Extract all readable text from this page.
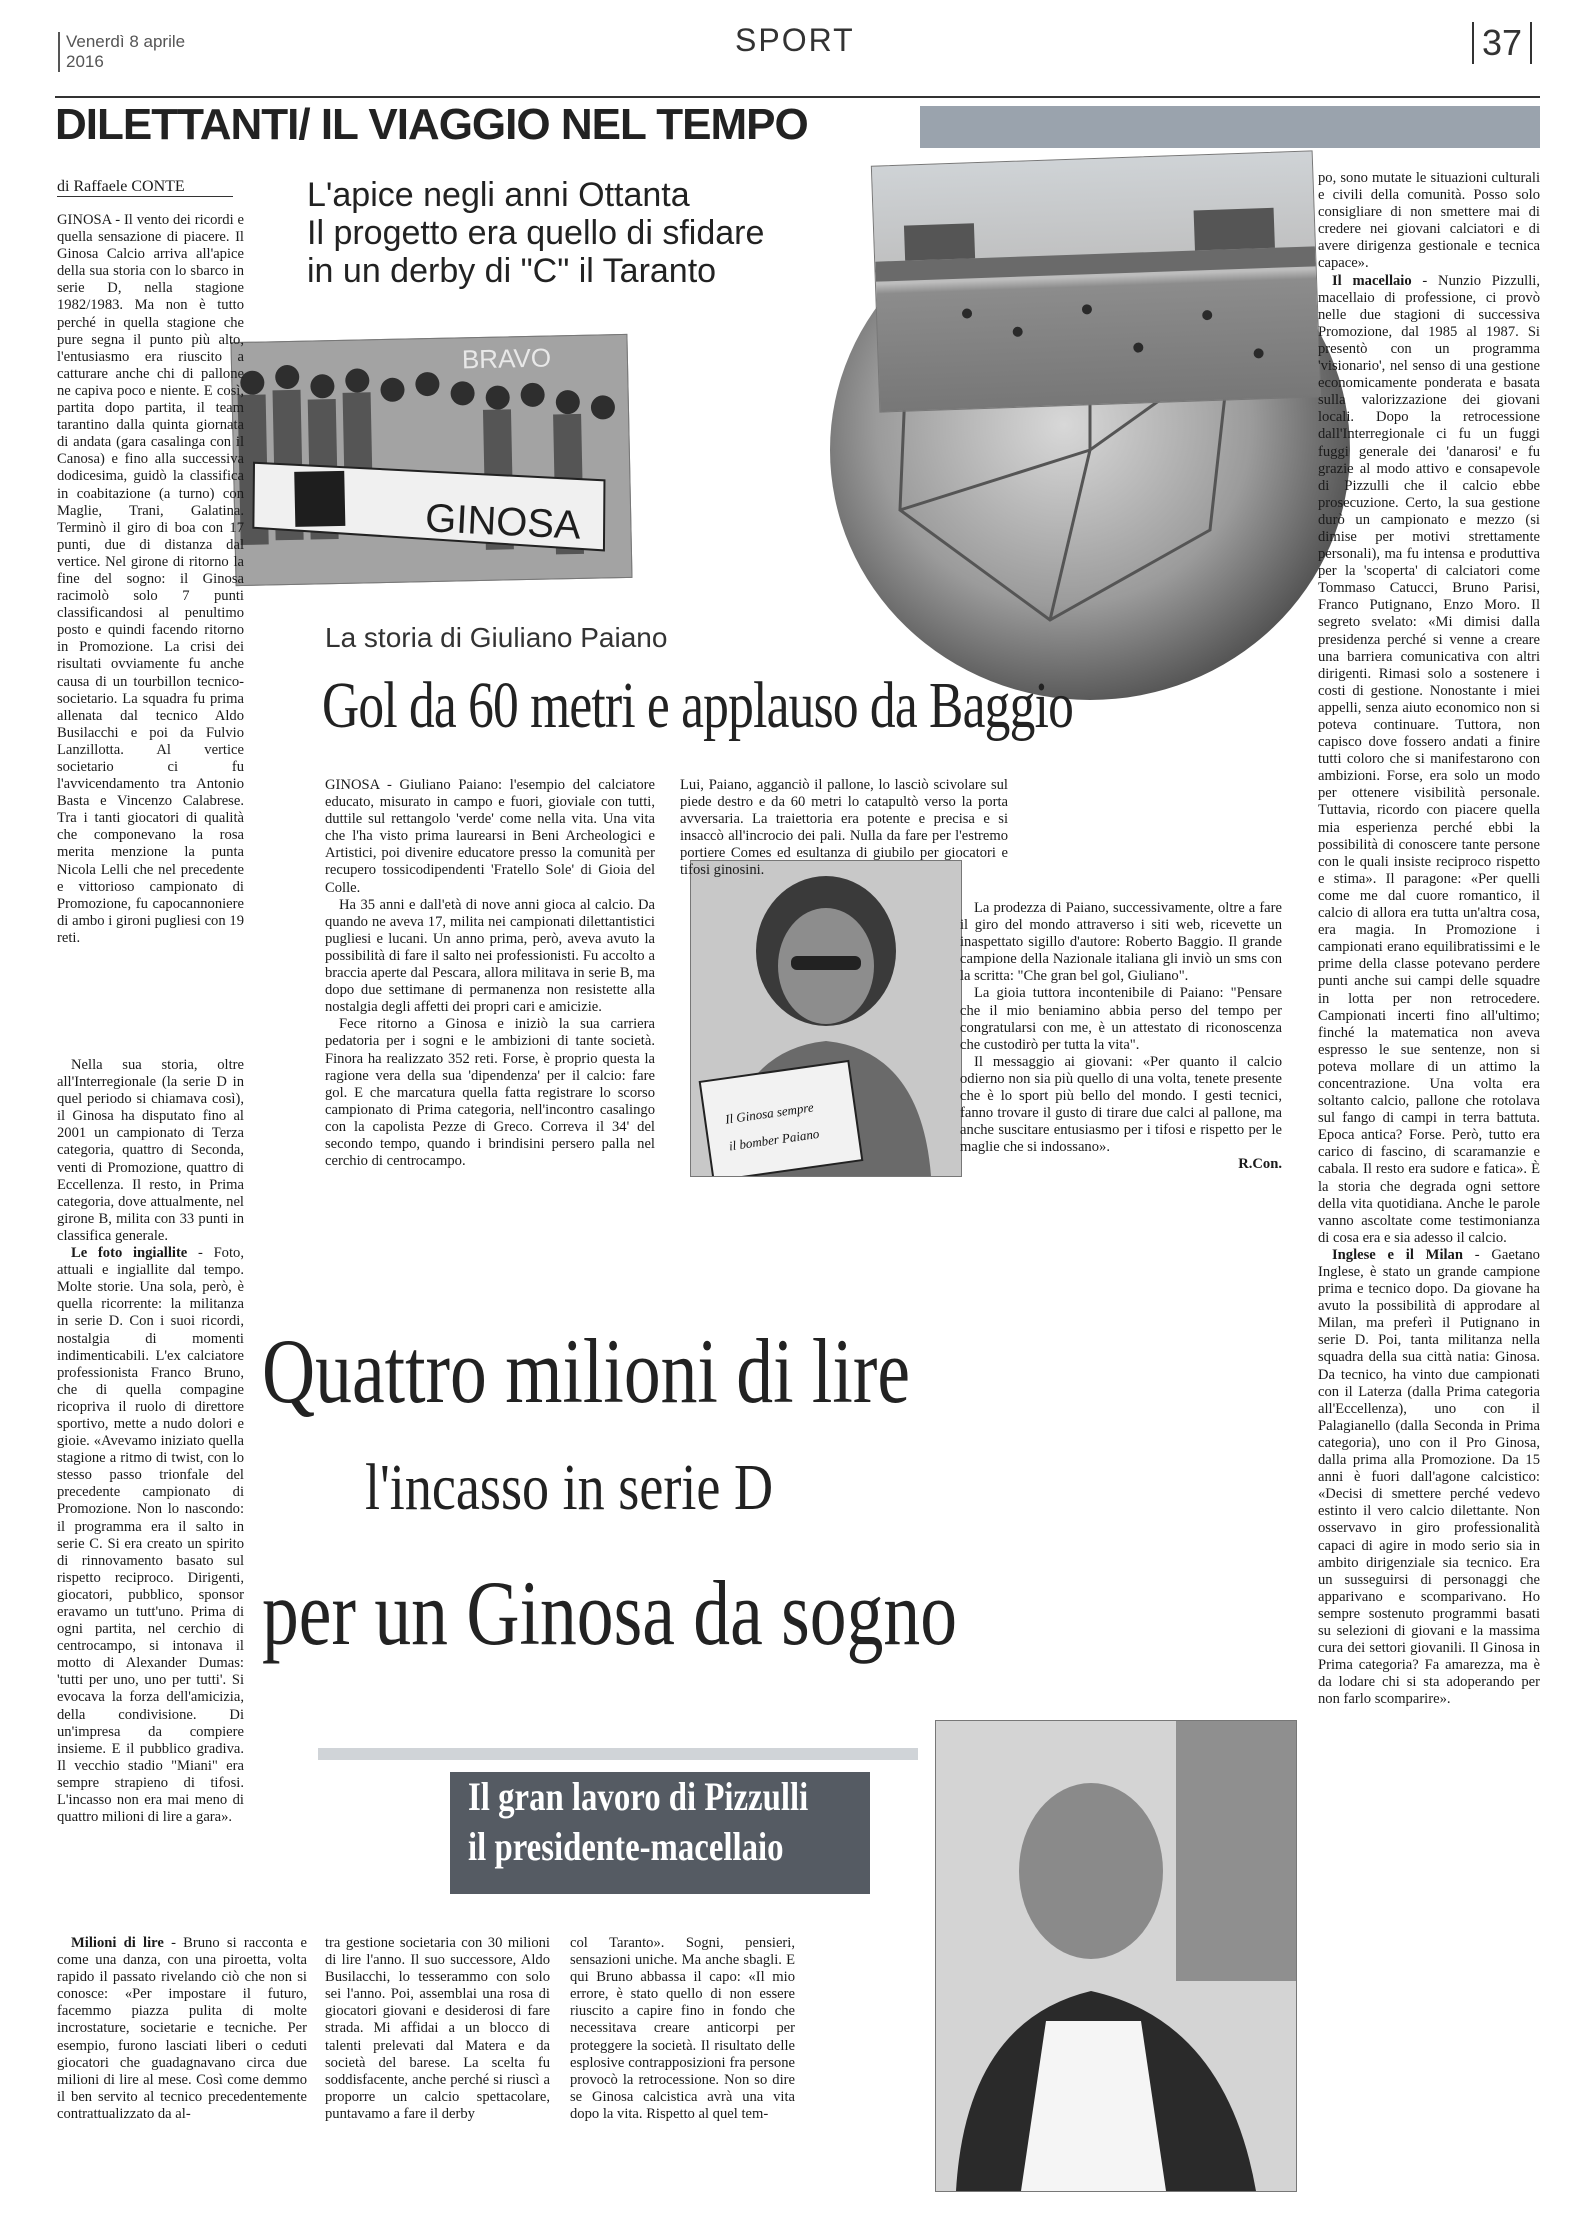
Venerdì 8 aprile
2016
SPORT	37
DILETTANTI/ IL VIAGGIO NEL TEMPO
di Raffaele CONTE	L'apice negli anni Ottanta
Il progetto era quello di sfidare
in un derby di "C" il Taranto
GINOSA
BRAVO

GINOSA - Il vento dei ricordi e quella sensazione di piacere. Il Ginosa Calcio arriva all'apice della sua storia con lo sbarco in serie D, nella stagione 1982/1983. Ma non è tutto perché in quella stagione che pure segna il punto più alto, l'entusiasmo era riuscito a catturare anche chi di pallone ne capiva poco e niente. E così, partita dopo partita, il team tarantino dalla quinta giornata di andata (gara casalinga con il Canosa) e fino alla successiva dodicesima, guidò la classifica in coabitazione (a turno) con Maglie, Trani, Galatina. Terminò il giro di boa con 17 punti, due di distanza dal vertice. Nel girone di ritorno la fine del sogno: il Ginosa racimolò solo 7 punti classificandosi al penultimo posto e quindi facendo ritorno in Promozione. La crisi dei risultati ovviamente fu anche causa di un tourbillon tecnico-societario. La squadra fu prima allenata dal tecnico Aldo Busilacchi e poi da Fulvio Lanzillotta. Al vertice societario ci fu l'avvicendamento tra Antonio Basta e Vincenzo Calabrese. Tra i tanti giocatori di qualità che componevano la rosa merita menzione la punta Nicola Lelli che nel precedente e vittorioso campionato di Promozione, fu capocannoniere di ambo i gironi pugliesi con 19 reti.

Nella sua storia, oltre all'Interregionale (la serie D in quel periodo si chiamava così), il Ginosa ha disputato fino al 2001 un campionato di Terza categoria, quattro di Seconda, venti di Promozione, quattro di Eccellenza. Il resto, in Prima categoria, dove attualmente, nel girone B, milita con 33 punti in classifica generale.

Le foto ingiallite - Foto, attuali e ingiallite dal tempo. Molte storie. Una sola, però, è quella ricorrente: la militanza in serie D. Con i suoi ricordi, nostalgia di momenti indimenticabili. L'ex calciatore professionista Franco Bruno, che di quella compagine ricopriva il ruolo di direttore sportivo, mette a nudo dolori e gioie. «Avevamo iniziato quella stagione a ritmo di twist, con lo stesso passo trionfale del precedente campionato di Promozione. Non lo nascondo: il programma era il salto in serie C. Si era creato un spirito di rinnovamento basato sul rispetto reciproco. Dirigenti, giocatori, pubblico, sponsor eravamo un tutt'uno. Prima di ogni partita, nel cerchio di centrocampo, si intonava il motto di Alexander Dumas: 'tutti per uno, uno per tutti'. Si evocava la forza dell'amicizia, della condivisione. Di un'impresa da compiere insieme. E il pubblico gradiva. Il vecchio stadio "Miani" era sempre strapieno di tifosi. L'incasso non era mai meno di quattro milioni di lire a gara».

Milioni di lire - Bruno si racconta e come una danza, con una piroetta, volta rapido il passato rivelando ciò che non si conosce: «Per impostare il futuro, facemmo piazza pulita di molte incrostature, societarie e tecniche. Per esempio, furono lasciati liberi o ceduti giocatori che guadagnavano circa due milioni di lire al mese. Così come demmo il ben servito al tecnico precedentemente contrattualizzato da al-

La storia di Giuliano Paiano
Gol da 60 metri e applauso da Baggio

GINOSA - Giuliano Paiano: l'esempio del calciatore educato, misurato in campo e fuori, gioviale con tutti, duttile sul rettangolo 'verde' come nella vita. Una vita che l'ha visto prima laurearsi in Beni Archeologici e Artistici, poi divenire educatore presso la comunità per recupero tossicodipendenti 'Fratello Sole' di Gioia del Colle.

Ha 35 anni e dall'età di nove anni gioca al calcio. Da quando ne aveva 17, milita nei campionati dilettantistici pugliesi e lucani. Un anno prima, però, aveva avuto la possibilità di fare il salto nei professionisti. Fu accolto a braccia aperte dal Pescara, allora militava in serie B, ma dopo due settimane di permanenza non resistette alla nostalgia degli affetti dei propri cari e amicizie.

Fece ritorno a Ginosa e iniziò la sua carriera pedatoria per i sogni e le ambizioni di tante società. Finora ha realizzato 352 reti. Forse, è proprio questa la ragione vera della sua 'dipendenza' per il calcio: fare gol. E che marcatura quella fatta registrare lo scorso campionato di Prima categoria, nell'incontro casalingo con la capolista Pezze di Greco. Correva il 34' del secondo tempo, quando i brindisini persero palla nel cerchio di centrocampo.

Il Ginosa sempre
il bomber Paiano

Lui, Paiano, agganciò il pallone, lo lasciò scivolare sul piede destro e da 60 metri lo catapultò verso la porta avversaria. La traiettoria era potente e precisa e si insaccò all'incrocio dei pali. Nulla da fare per l'estremo portiere Comes ed esultanza di giubilo per giocatori e tifosi ginosini.

La prodezza di Paiano, successivamente, oltre a fare il giro del mondo attraverso i siti web, ricevette un inaspettato sigillo d'autore: Roberto Baggio. Il grande campione della Nazionale italiana gli inviò un sms con la scritta: "Che gran bel gol, Giuliano".

La gioia tuttora incontenibile di Paiano: "Pensare che il mio beniamino abbia perso del tempo per congratularsi con me, è un attestato di riconoscenza che custodirò per tutta la vita".

Il messaggio ai giovani: «Per quanto il calcio odierno non sia più quello di una volta, tenete presente che è lo sport più bello del mondo. I gesti tecnici, fanno trovare il gusto di tirare due calci al pallone, ma anche suscitare entusiasmo per i tifosi e rispetto per le maglie che si indossano».

R.Con.
Quattro milioni di lire
l'incasso in serie D
per un Ginosa da sogno
Il gran lavoro di Pizzulli
il presidente-macellaio

tra gestione societaria con 30 milioni di lire l'anno. Il suo successore, Aldo Busilacchi, lo tesserammo con solo sei l'anno. Poi, assemblai una rosa di giocatori giovani e desiderosi di fare strada. Mi affidai a un blocco di talenti prelevati dal Matera e da società del barese. La scelta fu soddisfacente, anche perché si riuscì a proporre un calcio spettacolare, puntavamo a fare il derby

col Taranto». Sogni, pensieri, sensazioni uniche. Ma anche sbagli. E qui Bruno abbassa il capo: «Il mio errore, è stato quello di non essere riuscito a capire fino in fondo che necessitava creare anticorpi per proteggere la società. Il risultato delle esplosive contrapposizioni fra persone provocò la retrocessione. Non so dire se Ginosa calcistica avrà una vita dopo la vita. Rispetto al quel tem-

po, sono mutate le situazioni culturali e civili della comunità. Posso solo consigliare di non smettere mai di credere nei giovani calciatori e di avere dirigenza gestionale e tecnica capace».

Il macellaio - Nunzio Pizzulli, macellaio di professione, ci provò nelle due stagioni di successiva Promozione, dal 1985 al 1987. Si presentò con un programma 'visionario', nel senso di una gestione economicamente ponderata e basata sulla valorizzazione dei giovani locali. Dopo la retrocessione dall'Interregionale ci fu un fuggi fuggi generale dei 'danarosi' e fu grazie al modo attivo e consapevole di Pizzulli che il calcio ebbe prosecuzione. Certo, la sua gestione durò un campionato e mezzo (si dimise per motivi strettamente personali), ma fu intensa e produttiva per la 'scoperta' di calciatori come Tommaso Catucci, Bruno Parisi, Franco Putignano, Enzo Moro. Il segreto svelato: «Mi dimisi dalla presidenza perché si venne a creare una barriera comunicativa con altri dirigenti. Rimasi solo a sostenere i costi di gestione. Nonostante i miei appelli, senza aiuto economico non si poteva continuare. Tuttora, non capisco dove fossero andati a finire tutti coloro che si manifestarono con ambizioni. Forse, era solo un modo per ottenere visibilità personale. Tuttavia, ricordo con piacere quella mia esperienza perché ebbi la possibilità di conoscere tante persone con le quali insiste reciproco rispetto e stima». Il paragone: «Per quelli come me dal cuore romantico, il calcio di allora era tutta un'altra cosa, era magia. In Promozione i campionati erano equilibratissimi e le prime della classe potevano perdere punti anche sui campi delle squadre in lotta per non retrocedere. Campionati incerti fino all'ultimo; finché la matematica non aveva espresso le sue sentenze, non si poteva mollare di un attimo la concentrazione. Una volta era soltanto calcio, pallone che rotolava sul fango di campi in terra battuta. Epoca antica? Forse. Però, tutto era carico di fascino, di scaramanzie e cabala. Il resto era sudore e fatica». È la storia che degrada ogni settore della vita quotidiana. Anche le parole vanno ascoltate come testimonianza di cosa era e sia adesso il calcio.

Inglese e il Milan - Gaetano Inglese, è stato un grande campione prima e tecnico dopo. Da giovane ha avuto la possibilità di approdare al Milan, ma preferì il Putignano in serie D. Poi, tanta militanza nella squadra della sua città natia: Ginosa. Da tecnico, ha vinto due campionati con il Laterza (dalla Prima categoria all'Eccellenza), uno con il Palagianello (dalla Seconda in Prima categoria), uno con il Pro Ginosa, dalla prima alla Promozione. Da 15 anni è fuori dall'agone calcistico: «Decisi di smettere perché vedevo estinto il vero calcio dilettante. Non osservavo in giro professionalità capaci di agire in modo serio sia in ambito dirigenziale sia tecnico. Era un susseguirsi di personaggi che apparivano e scomparivano. Ho sempre sostenuto programmi basati su selezioni di giovani e la massima cura dei settori giovanili. Il Ginosa in Prima categoria? Fa amarezza, ma è da lodare chi si sta adoperando per non farlo scomparire».
